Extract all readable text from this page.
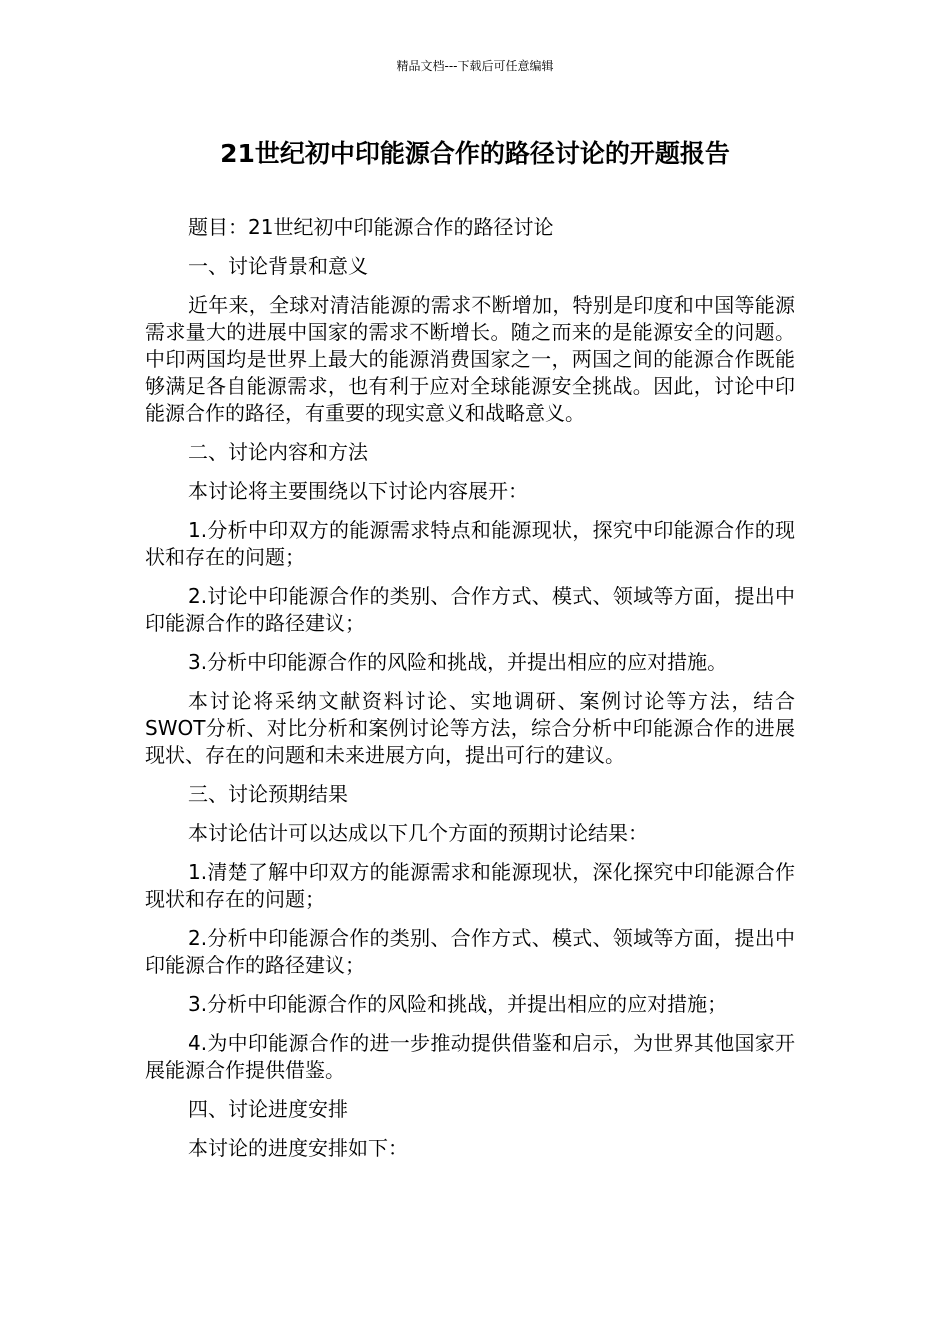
精品文档---下载后可任意编辑
21世纪初中印能源合作的路径讨论的开题报告

题目：21世纪初中印能源合作的路径讨论

一、讨论背景和意义

近年来，全球对清洁能源的需求不断增加，特别是印度和中国等能源需求量大的进展中国家的需求不断增长。随之而来的是能源安全的问题。中印两国均是世界上最大的能源消费国家之一，两国之间的能源合作既能够满足各自能源需求，也有利于应对全球能源安全挑战。因此，讨论中印能源合作的路径，有重要的现实意义和战略意义。

二、讨论内容和方法

本讨论将主要围绕以下讨论内容展开：

1.分析中印双方的能源需求特点和能源现状，探究中印能源合作的现状和存在的问题；

2.讨论中印能源合作的类别、合作方式、模式、领域等方面，提出中印能源合作的路径建议；

3.分析中印能源合作的风险和挑战，并提出相应的应对措施。

本讨论将采纳文献资料讨论、实地调研、案例讨论等方法，结合SWOT分析、对比分析和案例讨论等方法，综合分析中印能源合作的进展现状、存在的问题和未来进展方向，提出可行的建议。

三、讨论预期结果

本讨论估计可以达成以下几个方面的预期讨论结果：

1.清楚了解中印双方的能源需求和能源现状，深化探究中印能源合作现状和存在的问题；

2.分析中印能源合作的类别、合作方式、模式、领域等方面，提出中印能源合作的路径建议；

3.分析中印能源合作的风险和挑战，并提出相应的应对措施；

4.为中印能源合作的进一步推动提供借鉴和启示，为世界其他国家开展能源合作提供借鉴。

四、讨论进度安排

本讨论的进度安排如下：
